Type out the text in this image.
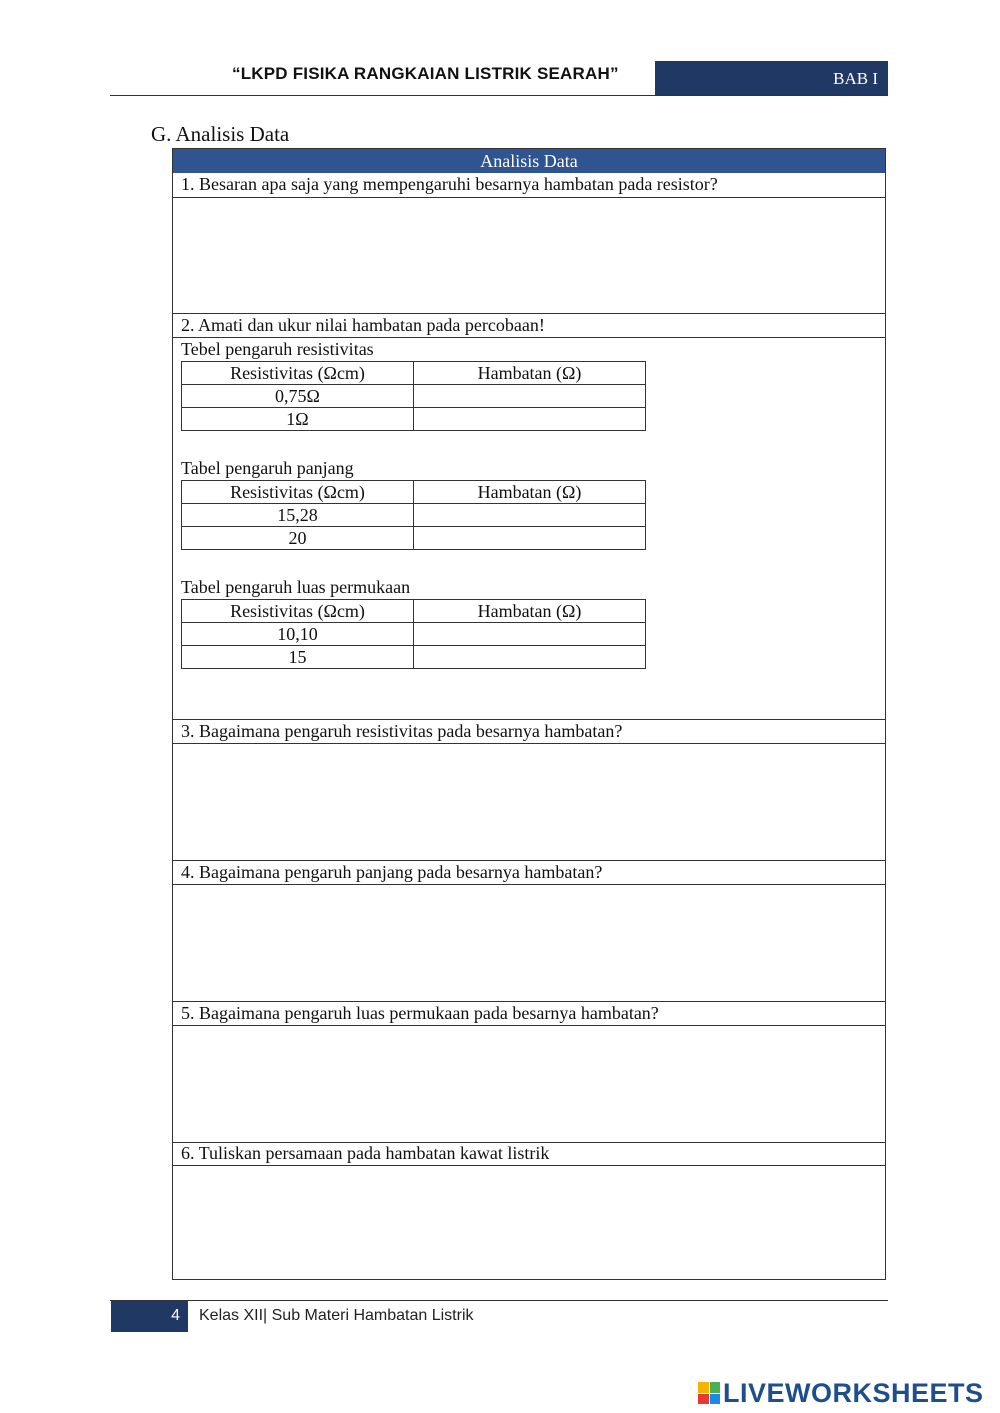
“LKPD FISIKA RANGKAIAN LISTRIK SEARAH”	BAB I
G. Analisis Data
Analisis Data
1. Besaran apa saja yang mempengaruhi besarnya hambatan pada resistor?
2. Amati dan ukur nilai hambatan pada percobaan!
Tebel pengaruh resistivitas
Resistivitas (Ωcm)	Hambatan (Ω)
0,75Ω	
1Ω	
Tabel pengaruh panjang
Resistivitas (Ωcm)	Hambatan (Ω)
15,28	
20	
Tabel pengaruh luas permukaan
Resistivitas (Ωcm)	Hambatan (Ω)
10,10	
15	
3. Bagaimana pengaruh resistivitas pada besarnya hambatan?
4. Bagaimana pengaruh panjang pada besarnya hambatan?
5. Bagaimana pengaruh luas permukaan pada besarnya hambatan?
6. Tuliskan persamaan pada hambatan kawat listrik
4 Kelas XII| Sub Materi Hambatan Listrik
LIVEWORKSHEETS
